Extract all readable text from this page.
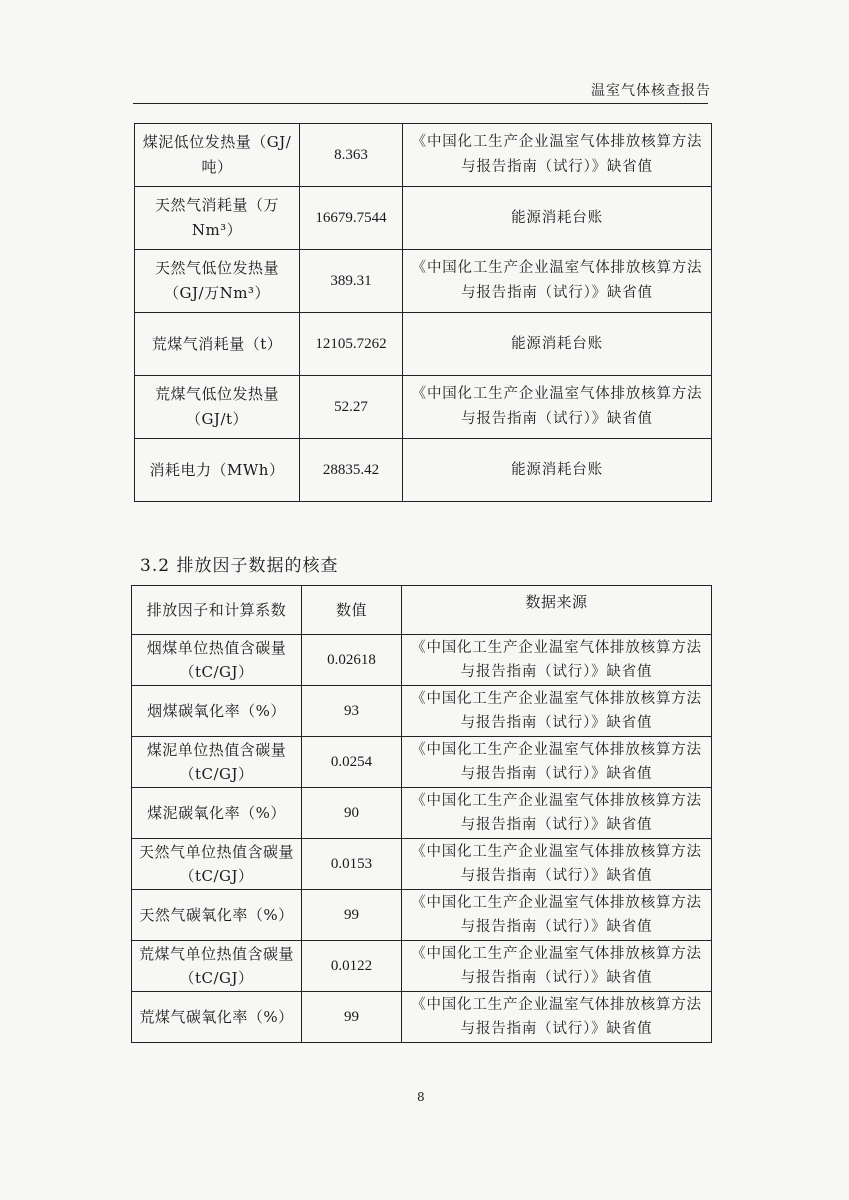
温室气体核查报告
煤泥低位发热量（GJ/吨）	8.363	《中国化工生产企业温室气体排放核算方法与报告指南（试行）》缺省值
天然气消耗量（万Nm³）	16679.7544	能源消耗台账
天然气低位发热量（GJ/万Nm³）	389.31	《中国化工生产企业温室气体排放核算方法与报告指南（试行）》缺省值
荒煤气消耗量（t）	12105.7262	能源消耗台账
荒煤气低位发热量（GJ/t）	52.27	《中国化工生产企业温室气体排放核算方法与报告指南（试行）》缺省值
消耗电力（MWh）	28835.42	能源消耗台账
3.2 排放因子数据的核查
排放因子和计算系数	数值	数据来源
烟煤单位热值含碳量（tC/GJ）	0.02618	《中国化工生产企业温室气体排放核算方法与报告指南（试行）》缺省值
烟煤碳氧化率（%）	93	《中国化工生产企业温室气体排放核算方法与报告指南（试行）》缺省值
煤泥单位热值含碳量（tC/GJ）	0.0254	《中国化工生产企业温室气体排放核算方法与报告指南（试行）》缺省值
煤泥碳氧化率（%）	90	《中国化工生产企业温室气体排放核算方法与报告指南（试行）》缺省值
天然气单位热值含碳量（tC/GJ）	0.0153	《中国化工生产企业温室气体排放核算方法与报告指南（试行）》缺省值
天然气碳氧化率（%）	99	《中国化工生产企业温室气体排放核算方法与报告指南（试行）》缺省值
荒煤气单位热值含碳量（tC/GJ）	0.0122	《中国化工生产企业温室气体排放核算方法与报告指南（试行）》缺省值
荒煤气碳氧化率（%）	99	《中国化工生产企业温室气体排放核算方法与报告指南（试行）》缺省值
8
